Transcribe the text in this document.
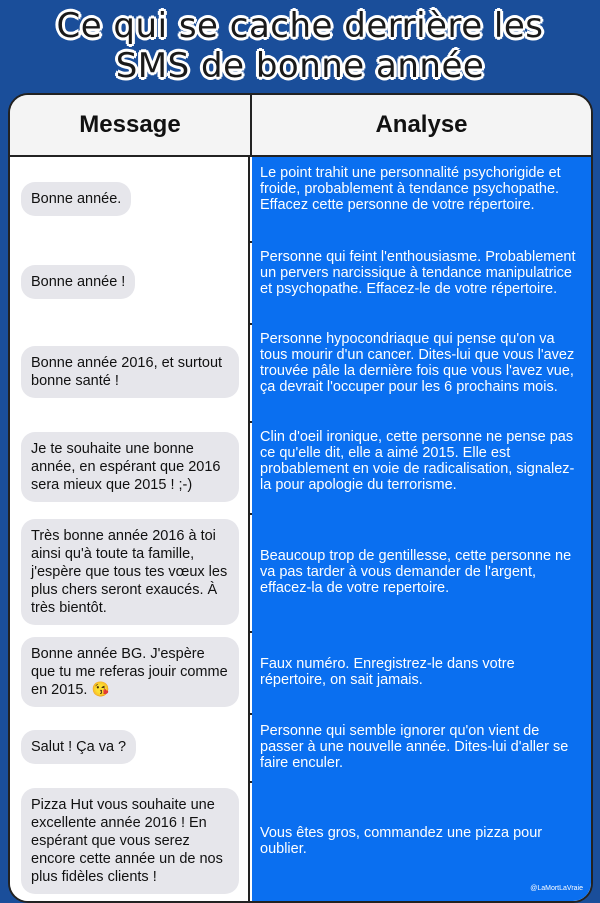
Ce qui se cache derrière les
SMS de bonne année
Message	Analyse
Bonne année.
Le point trahit une personnalité psychorigide et froide, probablement à tendance psychopathe. Effacez cette personne de votre répertoire.
Bonne année !
Personne qui feint l'enthousiasme. Probablement un pervers narcissique à tendance manipulatrice et psychopathe. Effacez-le de votre répertoire.
Bonne année 2016, et surtout bonne santé !
Personne hypocondriaque qui pense qu'on va tous mourir d'un cancer. Dites-lui que vous l'avez trouvée pâle la dernière fois que vous l'avez vue, ça devrait l'occuper pour les 6 prochains mois.
Je te souhaite une bonne année, en espérant que 2016 sera mieux que 2015 ! ;-)
Clin d'oeil ironique, cette personne ne pense pas ce qu'elle dit, elle a aimé 2015. Elle est probablement en voie de radicalisation, signalez-la pour apologie du terrorisme.
Très bonne année 2016 à toi ainsi qu'à toute ta famille, j'espère que tous tes vœux les plus chers seront exaucés. À très bientôt.
Beaucoup trop de gentillesse, cette personne ne va pas tarder à vous demander de l'argent, effacez-la de votre repertoire.
Bonne année BG. J'espère que tu me referas jouir comme en 2015. 😘
Faux numéro. Enregistrez-le dans votre répertoire, on sait jamais.
Salut ! Ça va ?
Personne qui semble ignorer qu'on vient de passer à une nouvelle année. Dites-lui d'aller se faire enculer.
Pizza Hut vous souhaite une excellente année 2016 ! En espérant que vous serez encore cette année un de nos plus fidèles clients !
Vous êtes gros, commandez une pizza pour oublier.
@LaMortLaVraie
